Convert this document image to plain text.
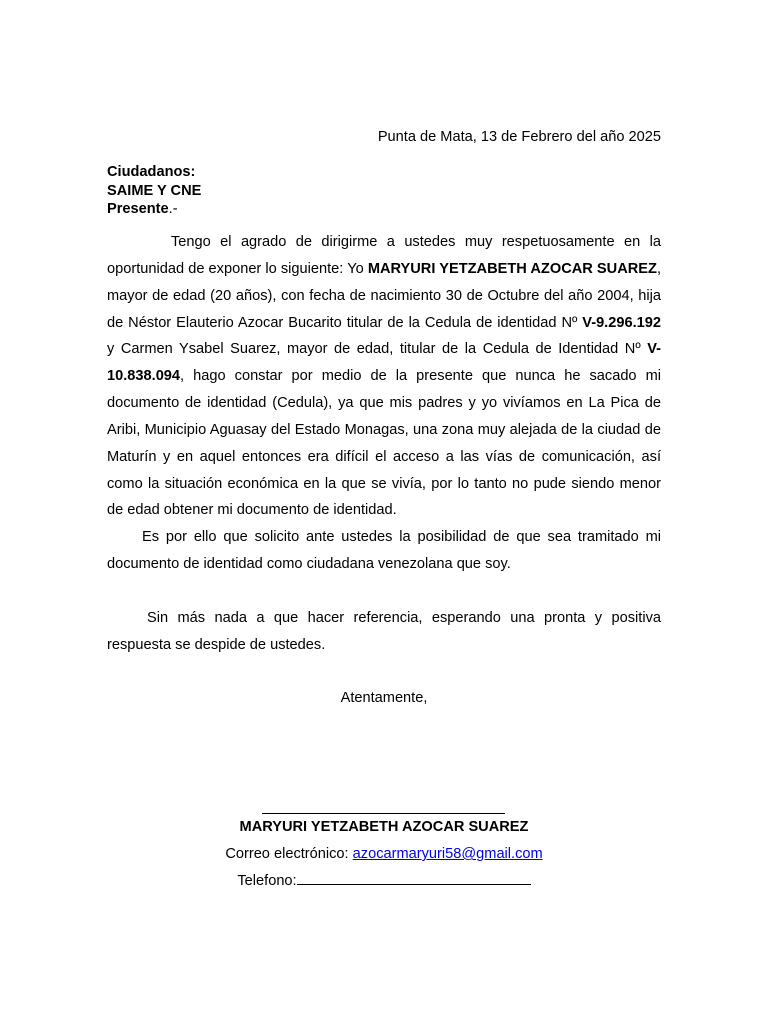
Punta de Mata, 13 de Febrero del año 2025
Ciudadanos:
SAIME Y CNE
Presente.-

Tengo el agrado de dirigirme a ustedes muy respetuosamente en la oportunidad de exponer lo siguiente: Yo MARYURI YETZABETH AZOCAR SUAREZ, mayor de edad (20 años), con fecha de nacimiento 30 de Octubre del año 2004, hija de Néstor Elauterio Azocar Bucarito titular de la Cedula de identidad Nº V-9.296.192 y Carmen Ysabel Suarez, mayor de edad, titular de la Cedula de Identidad Nº V-10.838.094, hago constar por medio de la presente que nunca he sacado mi documento de identidad (Cedula), ya que mis padres y yo vivíamos en La Pica de Aribi, Municipio Aguasay del Estado Monagas, una zona muy alejada de la ciudad de Maturín y en aquel entonces era difícil el acceso a las vías de comunicación, así como la situación económica en la que se vivía, por lo tanto no pude siendo menor de edad obtener mi documento de identidad.

Es por ello que solicito ante ustedes la posibilidad de que sea tramitado mi documento de identidad como ciudadana venezolana que soy.

Sin más nada a que hacer referencia, esperando una pronta y positiva respuesta se despide de ustedes.

Atentamente,
MARYURI YETZABETH AZOCAR SUAREZ
Correo electrónico: azocarmaryuri58@gmail.com
Telefono:
